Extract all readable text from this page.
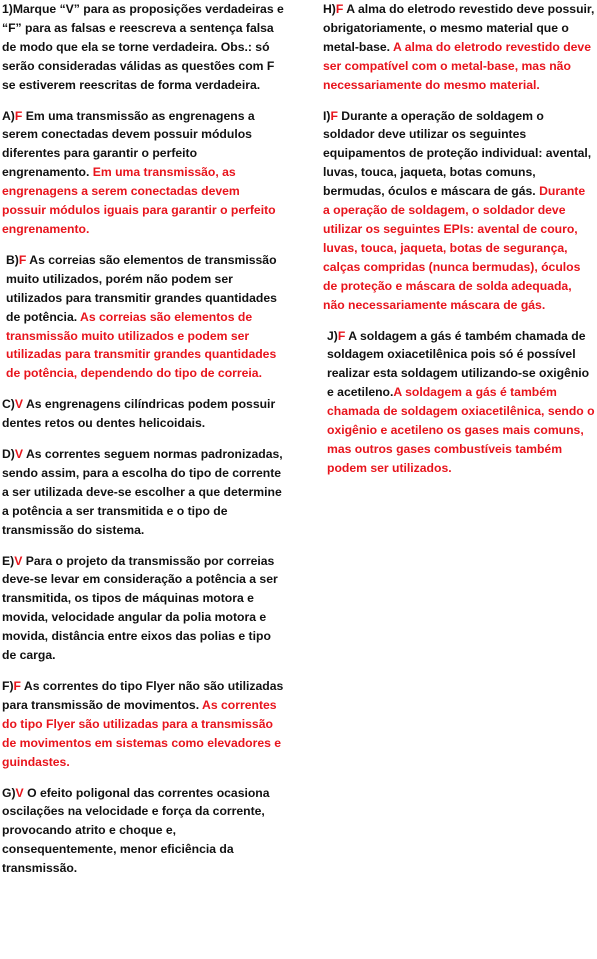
1)Marque “V” para as proposições verdadeiras e “F” para as falsas e reescreva a sentença falsa de modo que ela se torne verdadeira. Obs.: só serão consideradas válidas as questões com F se estiverem reescritas de forma verdadeira.

A)F Em uma transmissão as engrenagens a serem conectadas devem possuir módulos diferentes para garantir o perfeito engrenamento. Em uma transmissão, as engrenagens a serem conectadas devem possuir módulos iguais para garantir o perfeito engrenamento.

B)F As correias são elementos de transmissão muito utilizados, porém não podem ser utilizados para transmitir grandes quantidades de potência. As correias são elementos de transmissão muito utilizados e podem ser utilizadas para transmitir grandes quantidades de potência, dependendo do tipo de correia.

C)V As engrenagens cilíndricas podem possuir dentes retos ou dentes helicoidais.

D)V As correntes seguem normas padronizadas, sendo assim, para a escolha do tipo de corrente a ser utilizada deve-se escolher a que determine a potência a ser transmitida e o tipo de transmissão do sistema.

E)V Para o projeto da transmissão por correias deve-se levar em consideração a potência a ser transmitida, os tipos de máquinas motora e movida, velocidade angular da polia motora e movida, distância entre eixos das polias e tipo de carga.

F)F As correntes do tipo Flyer não são utilizadas para transmissão de movimentos. As correntes do tipo Flyer são utilizadas para a transmissão de movimentos em sistemas como elevadores e guindastes.

G)V O efeito poligonal das correntes ocasiona oscilações na velocidade e força da corrente, provocando atrito e choque e, consequentemente, menor eficiência da transmissão.

H)F A alma do eletrodo revestido deve possuir, obrigatoriamente, o mesmo material que o metal-base. A alma do eletrodo revestido deve ser compatível com o metal-base, mas não necessariamente do mesmo material.

I)F Durante a operação de soldagem o soldador deve utilizar os seguintes equipamentos de proteção individual: avental, luvas, touca, jaqueta, botas comuns, bermudas, óculos e máscara de gás. Durante a operação de soldagem, o soldador deve utilizar os seguintes EPIs: avental de couro, luvas, touca, jaqueta, botas de segurança, calças compridas (nunca bermudas), óculos de proteção e máscara de solda adequada, não necessariamente máscara de gás.

J)F A soldagem a gás é também chamada de soldagem oxiacetilênica pois só é possível realizar esta soldagem utilizando-se oxigênio e acetileno.A soldagem a gás é também chamada de soldagem oxiacetilênica, sendo o oxigênio e acetileno os gases mais comuns, mas outros gases combustíveis também podem ser utilizados.
